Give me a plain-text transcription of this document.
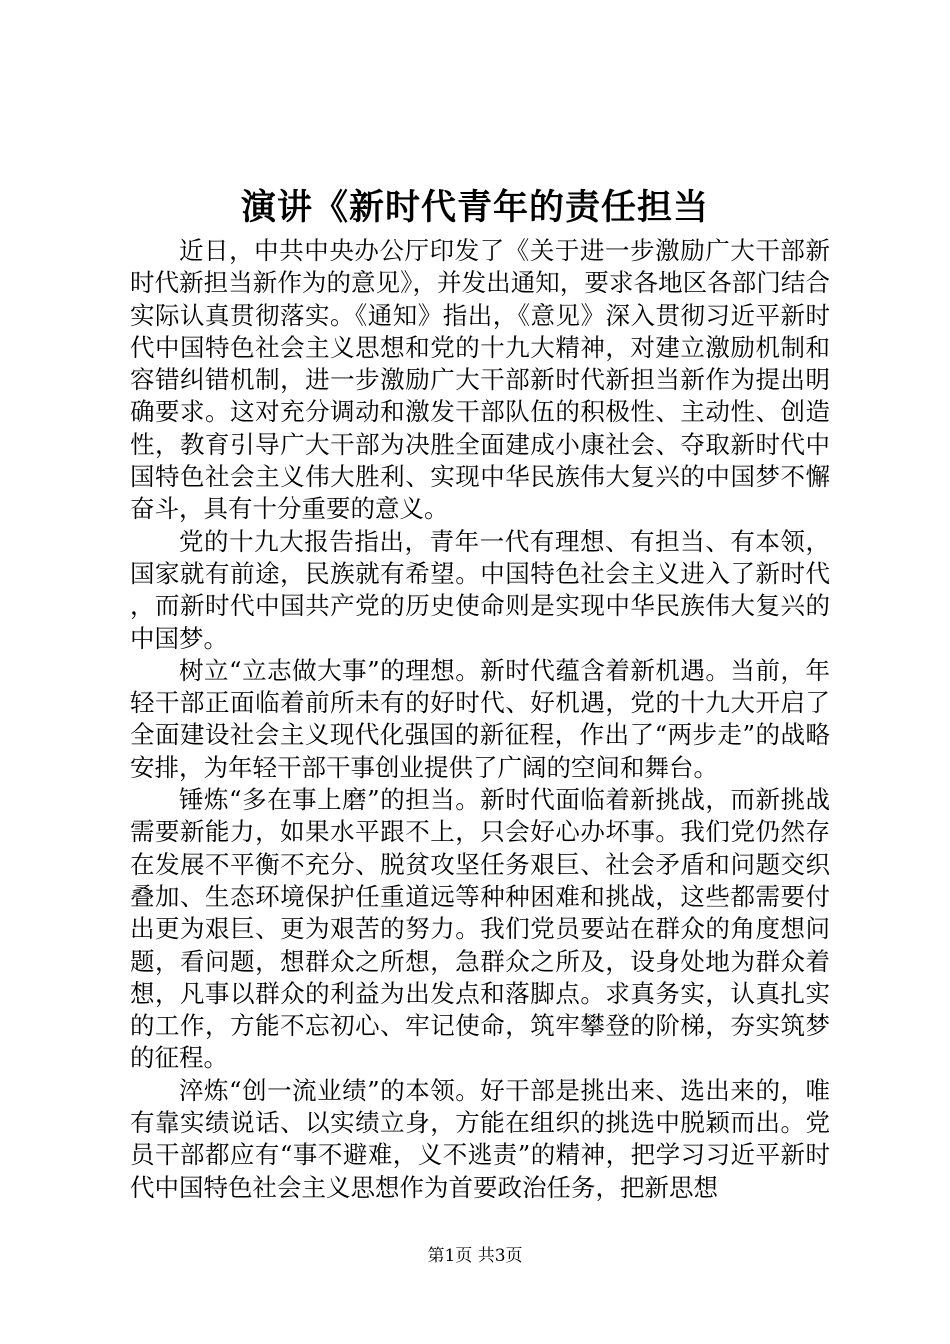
演讲《新时代青年的责任担当

近日，中共中央办公厅印发了《关于进一步激励广大干部新时代新担当新作为的意见》，并发出通知，要求各地区各部门结合实际认真贯彻落实。《通知》指出，《意见》深入贯彻习近平新时代中国特色社会主义思想和党的十九大精神，对建立激励机制和容错纠错机制，进一步激励广大干部新时代新担当新作为提出明确要求。这对充分调动和激发干部队伍的积极性、主动性、创造性，教育引导广大干部为决胜全面建成小康社会、夺取新时代中国特色社会主义伟大胜利、实现中华民族伟大复兴的中国梦不懈奋斗，具有十分重要的意义。

党的十九大报告指出，青年一代有理想、有担当、有本领，国家就有前途，民族就有希望。中国特色社会主义进入了新时代，而新时代中国共产党的历史使命则是实现中华民族伟大复兴的中国梦。

树立“立志做大事”的理想。新时代蕴含着新机遇。当前，年轻干部正面临着前所未有的好时代、好机遇，党的十九大开启了全面建设社会主义现代化强国的新征程，作出了“两步走”的战略安排，为年轻干部干事创业提供了广阔的空间和舞台。

锤炼“多在事上磨”的担当。新时代面临着新挑战，而新挑战需要新能力，如果水平跟不上，只会好心办坏事。我们党仍然存在发展不平衡不充分、脱贫攻坚任务艰巨、社会矛盾和问题交织叠加、生态环境保护任重道远等种种困难和挑战，这些都需要付出更为艰巨、更为艰苦的努力。我们党员要站在群众的角度想问题，看问题，想群众之所想，急群众之所及，设身处地为群众着想，凡事以群众的利益为出发点和落脚点。求真务实，认真扎实的工作，方能不忘初心、牢记使命，筑牢攀登的阶梯，夯实筑梦的征程。

淬炼“创一流业绩”的本领。好干部是挑出来、选出来的，唯有靠实绩说话、以实绩立身，方能在组织的挑选中脱颖而出。党员干部都应有“事不避难，义不逃责”的精神，把学习习近平新时代中国特色社会主义思想作为首要政治任务，把新思想

第1页 共3页
